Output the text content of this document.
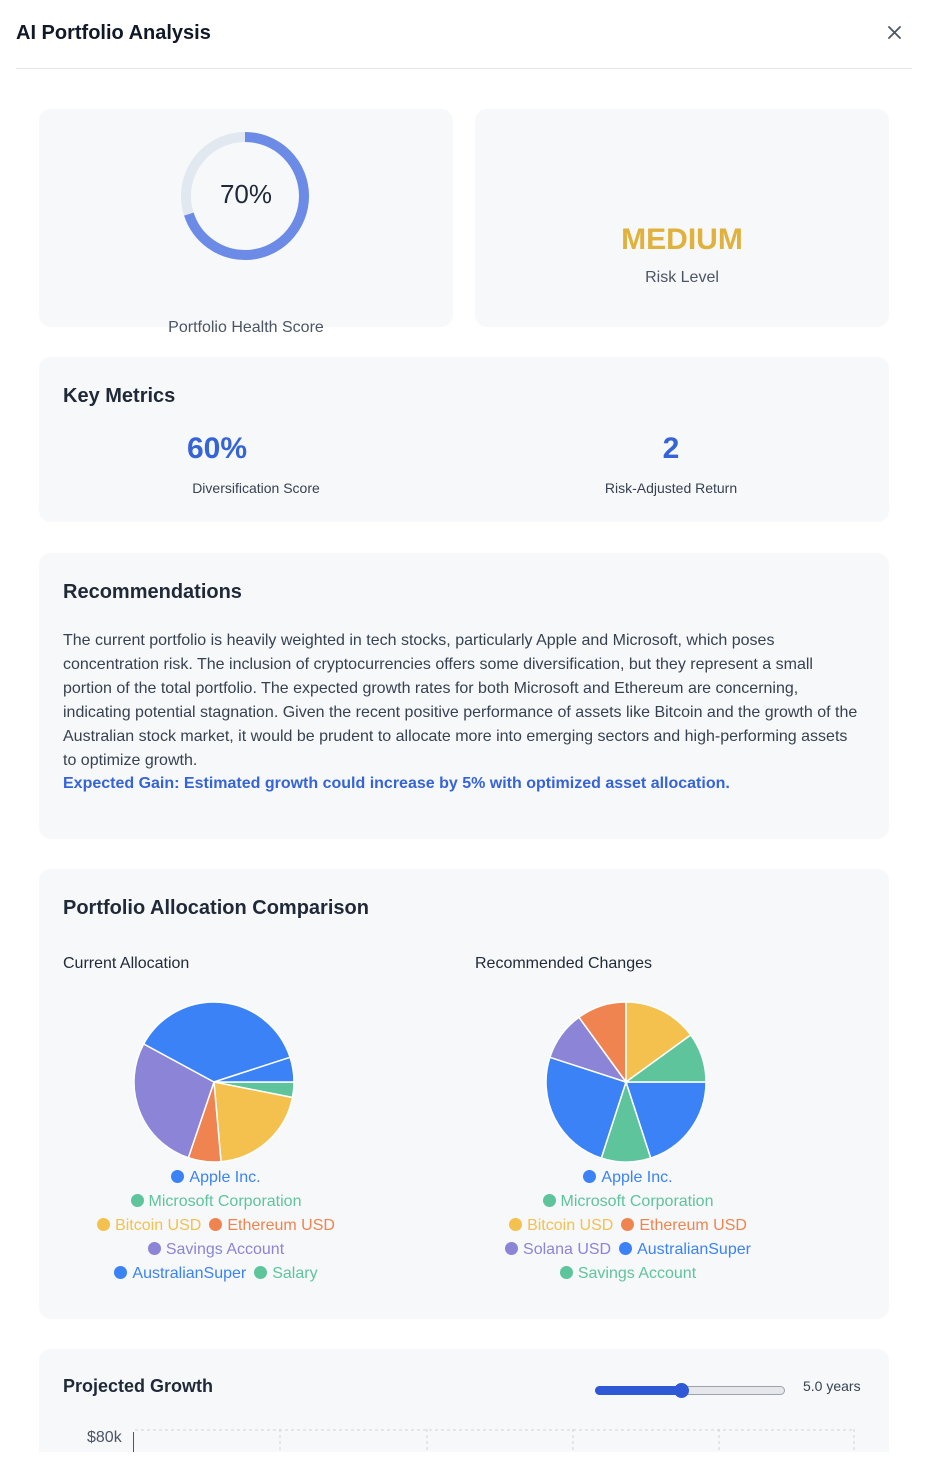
AI Portfolio Analysis
70%
Portfolio Health Score
MEDIUM
Risk Level
Key Metrics
60%
Diversification Score
2
Risk-Adjusted Return
Recommendations
The current portfolio is heavily weighted in tech stocks, particularly Apple and Microsoft, which poses concentration risk. The inclusion of cryptocurrencies offers some diversification, but they represent a small portion of the total portfolio. The expected growth rates for both Microsoft and Ethereum are concerning, indicating potential stagnation. Given the recent positive performance of assets like Bitcoin and the growth of the Australian stock market, it would be prudent to allocate more into emerging sectors and high-performing assets to optimize growth.
Expected Gain: Estimated growth could increase by 5% with optimized asset allocation.
Portfolio Allocation Comparison
Current Allocation	Recommended Changes
Apple Inc.
Microsoft Corporation
Bitcoin USD Ethereum USD
Savings Account
AustralianSuper Salary
Apple Inc.
Microsoft Corporation
Bitcoin USD Ethereum USD
Solana USD AustralianSuper
Savings Account
Projected Growth	5.0 years
$80k
